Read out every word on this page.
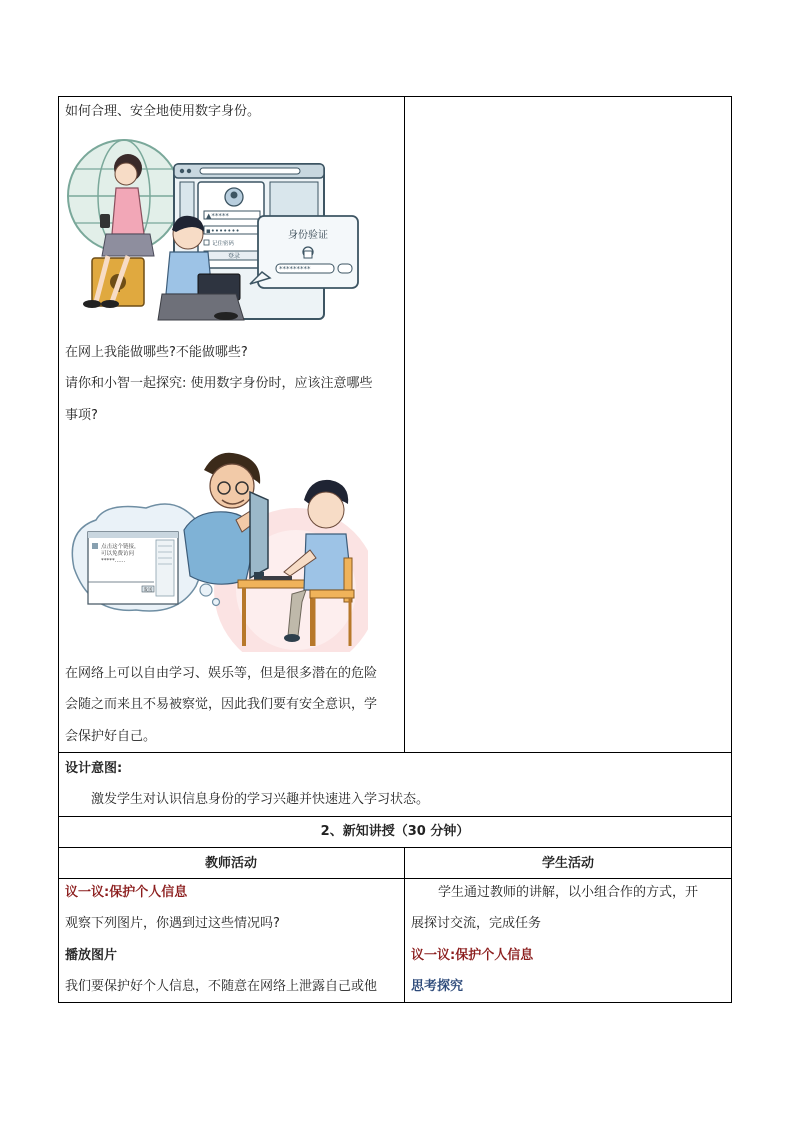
如何合理、安全地使用数字身份。
▲*****
▪•••••••
记住密码
登录
身份验证
*********
在网上我能做哪些?不能做哪些?
请你和小智一起探究: 使用数字身份时，应该注意哪些
事项?
点击这个链接，
可以免费访问
*****......
发送
在网络上可以自由学习、娱乐等，但是很多潜在的危险
会随之而来且不易被察觉，因此我们要有安全意识，学
会保护好自己。
设计意图:
激发学生对认识信息身份的学习兴趣并快速进入学习状态。
2、新知讲授（30 分钟）
教师活动	学生活动
议一议:保护个人信息
观察下列图片，你遇到过这些情况吗?
播放图片
我们要保护好个人信息，不随意在网络上泄露自己或他
学生通过教师的讲解，以小组合作的方式，开
展探讨交流，完成任务
议一议:保护个人信息
思考探究
